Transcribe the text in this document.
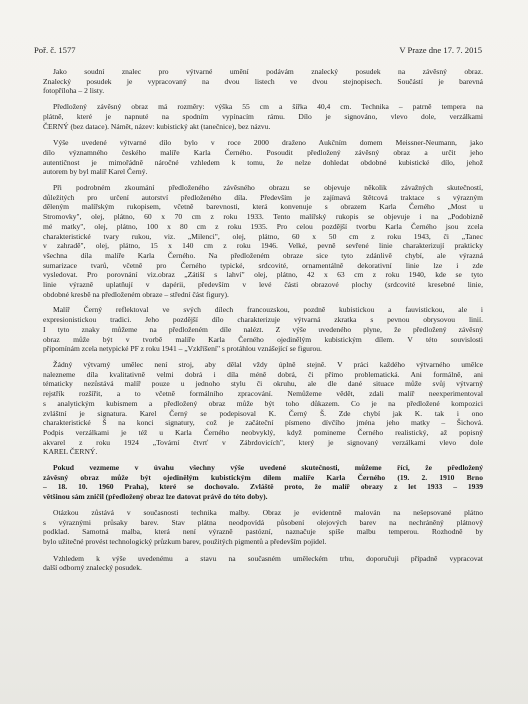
Poř. č. 1577	V Praze dne 17. 7. 2015
Jako soudní znalec pro výtvarné umění podávám znalecký posudek na závěsný obraz.
Znalecký posudek je vypracovaný na dvou listech ve dvou stejnopisech. Součástí je barevná
fotopříloha – 2 listy.
Předložený závěsný obraz má rozměry: výška 55 cm a šířka 40,4 cm. Technika – patrně tempera na
plátně, které je napnuté na spodním vypínacím rámu. Dílo je signováno, vlevo dole, verzálkami
ČERNÝ (bez datace). Námět, název: kubistický akt (tanečnice), bez názvu.
Výše uvedené výtvarné dílo bylo v roce 2000 draženo Aukčním domem Meissner-Neumann, jako
dílo významného českého malíře Karla Černého. Posoudit předložený závěsný obraz a určit jeho
autentičnost je mimořádně náročné vzhledem k tomu, že nelze dohledat obdobné kubistické dílo, jehož
autorem by byl malíř Karel Černý.
Při podrobném zkoumání předloženého závěsného obrazu se objevuje několik závažných skutečností,
důležitých pro určení autorství předloženého díla. Především je zajímavá štětcová traktace s výrazným
děleným malířským rukopisem, včetně barevnosti, která konvenuje s obrazem Karla Černého „Most u
Stromovky", olej, plátno, 60 x 70 cm z roku 1933. Tento malířský rukopis se objevuje i na „Podobizně
mé matky", olej, plátno, 100 x 80 cm z roku 1935. Pro celou pozdější tvorbu Karla Černého jsou zcela
charakteristické tvary rukou, viz. „Milenci", olej, plátno, 60 x 50 cm z roku 1943, či „Tanec
v zahradě", olej, plátno, 15 x 140 cm z roku 1946. Velké, pevně sevřené linie charakterizují prakticky
všechna díla malíře Karla Černého. Na předloženém obraze sice tyto zdánlivě chybí, ale výrazná
sumarizace tvarů, včetně pro Černého typické, srdcovité, ornamentálně dekorativní linie lze i zde
vysledovat. Pro porovnání viz.obraz „Zátiší s lahví" olej, plátno, 42 x 63 cm z roku 1940, kde se tyto
linie výrazně uplatňují v dapérii, především v levé části obrazové plochy (srdcovité kresebné linie,
obdobné kresbě na předloženém obraze – střední část figury).
Malíř Černý reflektoval ve svých dílech francouzskou, pozdně kubistickou a fauvistickou, ale i
expresionistickou tradici. Jeho pozdější dílo charakterizuje výtvarná zkratka s pevnou obrysovou linií.
I tyto znaky můžeme na předloženém díle nalézt. Z výše uvedeného plyne, že předložený závěsný
obraz může být v tvorbě malíře Karla Černého ojedinělým kubistickým dílem. V této souvislosti
připomínám zcela netypické PF z roku 1941 – „Vzkříšení" s protáhlou vznášející se figurou.
Žádný výtvarný umělec není stroj, aby dělal vždy úplně stejně. V práci každého výtvarného umělce
nalezneme díla kvalitativně velmi dobrá i díla méně dobrá, či přímo problematická. Ani formálně, ani
tématicky nezůstává malíř pouze u jednoho stylu či okruhu, ale dle dané situace může svůj výtvarný
rejstřík rozšířit, a to včetně formálního zpracování. Nemůžeme vědět, zdali malíř neexperimentoval
s analytickým kubismem a předložený obraz může být toho důkazem. Co je na předložené kompozici
zvláštní je signatura. Karel Černý se podepisoval K. Černý Š. Zde chybí jak K. tak i ono
charakteristické Š na konci signatury, což je začáteční písmeno dívčího jména jeho matky – Šichová.
Podpis verzálkami je též u Karla Černého neobvyklý, když pomineme Černého realistický, až popisný
akvarel z roku 1924 „Tovární čtvrť v Zábrdovicích", který je signovaný verzálkami vlevo dole
KAREL ČERNÝ.
Pokud vezmeme v úvahu všechny výše uvedené skutečnosti, můžeme říci, že předložený
závěsný obraz může být ojedinělým kubistickým dílem malíře Karla Černého (19. 2. 1910 Brno
– 18. 10. 1960 Praha), které se dochovalo. Zvláště proto, že malíř obrazy z let 1933 – 1939
většinou sám zničil (předložený obraz lze datovat právě do této doby).
Otázkou zůstává v současnosti technika malby. Obraz je evidentně malován na nešepsované plátno
s výraznými průsaky barev. Stav plátna neodpovídá působení olejových barev na nechráněný plátnový
podklad. Samotná malba, která není výrazně pastózní, naznačuje spíše malbu temperou. Rozhodně by
bylo užitečné provést technologický průzkum barev, použitých pigmentů a především pojidel.
Vzhledem k výše uvedenému a stavu na současném uměleckém trhu, doporučuji případně vypracovat
další odborný znalecký posudek.
